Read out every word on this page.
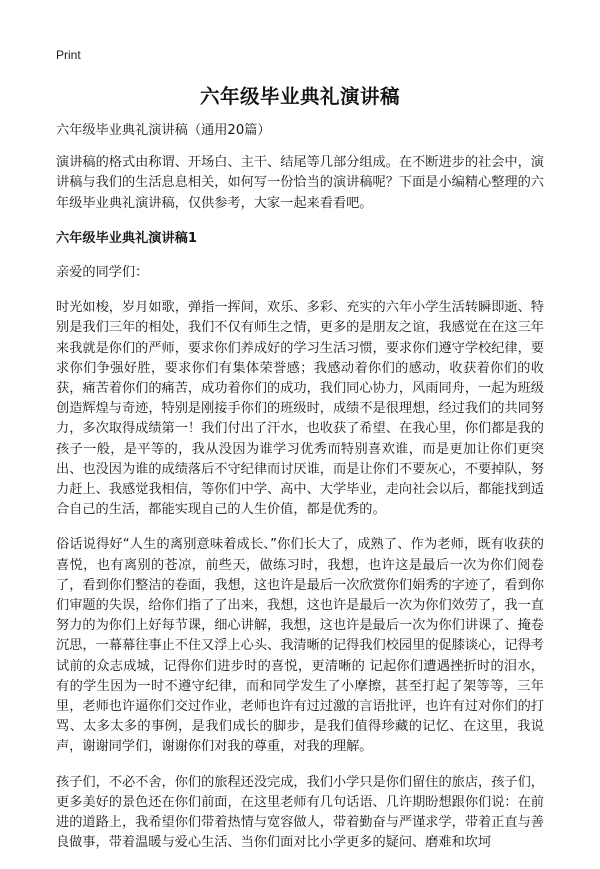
Print
六年级毕业典礼演讲稿

六年级毕业典礼演讲稿（通用20篇）

演讲稿的格式由称谓、开场白、主干、结尾等几部分组成。在不断进步的社会中，演讲稿与我们的生活息息相关，如何写一份恰当的演讲稿呢？下面是小编精心整理的六年级毕业典礼演讲稿，仅供参考，大家一起来看看吧。

六年级毕业典礼演讲稿1

亲爱的同学们：

时光如梭，岁月如歌，弹指一挥间，欢乐、多彩、充实的六年小学生活转瞬即逝、特别是我们三年的相处，我们不仅有师生之情，更多的是朋友之谊，我感觉在在这三年来我就是你们的严师，要求你们养成好的学习生活习惯，要求你们遵守学校纪律，要求你们争强好胜，要求你们有集体荣誉感；我感动着你们的感动，收获着你们的收获，痛苦着你们的痛苦，成功着你们的成功，我们同心协力，风雨同舟，一起为班级创造辉煌与奇迹，特别是刚接手你们的班级时，成绩不是很理想，经过我们的共同努力，多次取得成绩第一！我们付出了汗水，也收获了希望、在我心里，你们都是我的孩子一般，是平等的，我从没因为谁学习优秀而特别喜欢谁，而是更加让你们更突出、也没因为谁的成绩落后不守纪律而讨厌谁，而是让你们不要灰心，不要掉队，努力赶上、我感觉我相信，等你们中学、高中、大学毕业，走向社会以后，都能找到适合自己的生活，都能实现自己的人生价值，都是优秀的。

俗话说得好“人生的离别意味着成长、”你们长大了，成熟了、作为老师，既有收获的喜悦，也有离别的苍凉，前些天，做练习时，我想，也许这是最后一次为你们阅卷了，看到你们整洁的卷面，我想，这也许是最后一次欣赏你们娟秀的字迹了，看到你们审题的失误，给你们指了了出来，我想，这也许是最后一次为你们效劳了，我一直努力的为你们上好每节课，细心讲解，我想，这也许是最后一次为你们讲课了、掩卷沉思，一幕幕往事止不住又浮上心头、我清晰的记得我们校园里的促膝谈心，记得考试前的众志成城，记得你们进步时的喜悦，更清晰的 记起你们遭遇挫折时的泪水，有的学生因为一时不遵守纪律，而和同学发生了小摩擦，甚至打起了架等等，三年里，老师也许逼你们交过作业，老师也许有过过激的言语批评，也许有过对你们的打骂、太多太多的事例，是我们成长的脚步，是我们值得珍藏的记忆、在这里，我说声，谢谢同学们，谢谢你们对我的尊重，对我的理解。

孩子们，不必不舍，你们的旅程还没完成，我们小学只是你们留住的旅店，孩子们，更多美好的景色还在你们前面，在这里老师有几句话语、几许期盼想跟你们说：在前进的道路上，我希望你们带着热情与宽容做人，带着勤奋与严谨求学，带着正直与善良做事，带着温暖与爱心生活、当你们面对比小学更多的疑问、磨难和坎坷
